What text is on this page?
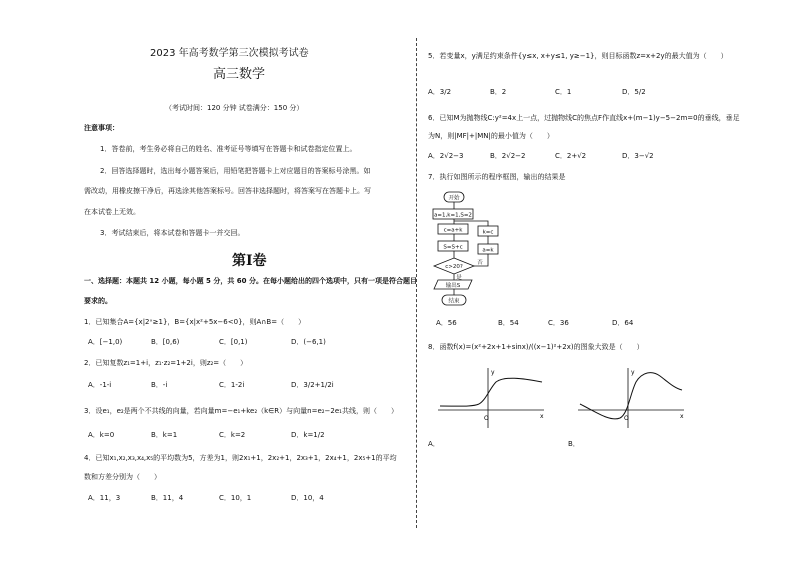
2023 年高考数学第三次模拟考试卷
高三数学
（考试时间：120 分钟 试卷满分：150 分）
注意事项：
1．答卷前，考生务必将自己的姓名、准考证号等填写在答题卡和试卷指定位置上。
2．回答选择题时，选出每小题答案后，用铅笔把答题卡上对应题目的答案标号涂黑。如
需改动，用橡皮擦干净后，再选涂其他答案标号。回答非选择题时，将答案写在答题卡上。写
在本试卷上无效。
3．考试结束后，将本试卷和答题卡一并交回。
第Ⅰ卷
一、选择题：本题共 12 小题，每小题 5 分，共 60 分。在每小题给出的四个选项中，只有一项是符合题目
要求的。
1．已知集合A={x|2ˣ≥1}，B={x|x²+5x−6<0}，则A∩B=（　　）
A．[−1,0)	B．[0,6)	C．[0,1)	D．(−6,1)
2．已知复数z₁=1+i，z₁·z₂=1+2i，则z₂=（　　）
A．-1-i	B．-i	C．1-2i	D．3/2+1/2i
3．设e₁，e₂是两个不共线的向量，若向量m=−e₁+ke₂（k∈R）与向量n=e₂−2e₁共线，则（　　）
A．k=0	B．k=1	C．k=2	D．k=1/2
4．已知x₁,x₂,x₃,x₄,x₅的平均数为5，方差为1，则2x₁+1，2x₂+1，2x₃+1，2x₄+1，2x₅+1的平均
数和方差分别为（　　）
A．11，3	B．11，4	C．10，1	D．10，4
5．若变量x，y满足约束条件{y≤x, x+y≤1, y≥−1}，则目标函数z=x+2y的最大值为（　　）
A．3/2	B．2	C．1	D．5/2
6．已知M为抛物线C:y²=4x上一点，过抛物线C的焦点F作直线x+(m−1)y−5−2m=0的垂线，垂足
为N，则|MF|+|MN|的最小值为（　　）
A．2√2−3	B．2√2−2	C．2+√2	D．3−√2
7．执行如图所示的程序框图，输出的结果是
开始
a=1,k=1,S=2
c=a+k
S=S+c
c>20?
输出S
结束
k=c
a=k
是
否
A．56	B．54	C．36	D．64
8．函数f(x)=(x²+2x+1+sinx)/((x−1)²+2x)的图象大致是（　　）
y
x
O
A．
y
x
O
B．
